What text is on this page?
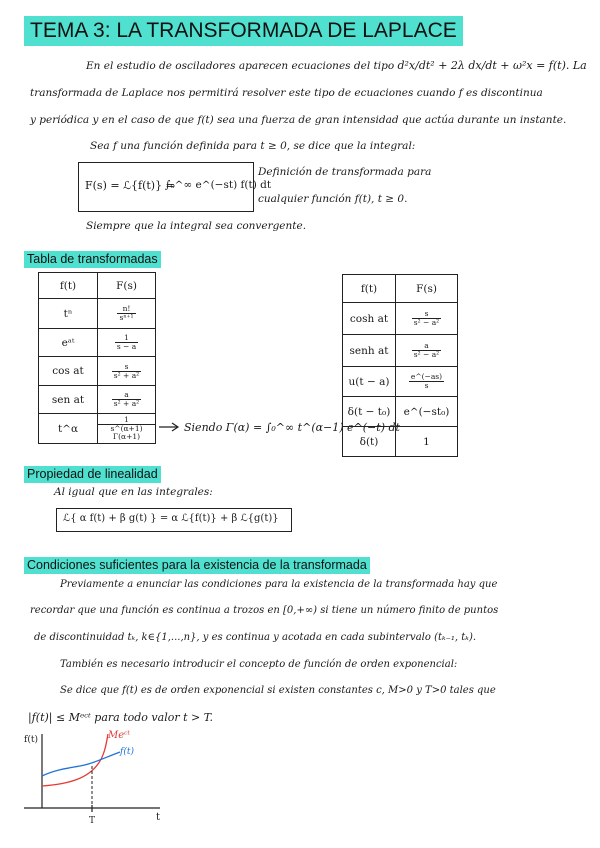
TEMA 3: LA TRANSFORMADA DE LAPLACE
En el estudio de osciladores aparecen ecuaciones del tipo d²x/dt² + 2λ dx/dt + ω²x = f(t). La
transformada de Laplace nos permitirá resolver este tipo de ecuaciones cuando f es discontinua
y periódica y en el caso de que f(t) sea una fuerza de gran intensidad que actúa durante un instante.
Sea f una función definida para t ≥ 0, se dice que la integral:
F(s) = ℒ{f(t)} =
∫₀^∞ e^(−st) f(t) dt
Definición de transformada para
cualquier función f(t), t ≥ 0.
Siempre que la integral sea convergente.
Tabla de transformadas
f(t)	F(s)
tⁿ	$\frac{n!}{\text{sⁿ⁺¹}}$

eᵃᵗ	$\frac{1}{s - a}$

cos at	$\frac{s}{\text{s² + a²}}$

sen at	$\frac{a}{\text{s² + a²}}$

t^α	$\frac{1}{s\^{}(\alpha+1) \Gamma(\alpha+1)}$	Siendo Γ(α) = ∫₀^∞ t^(α−1) e^(−t) dt
f(t)	F(s)
cosh at	$\frac{s}{\text{s² − a²}}$

senh at	$\frac{a}{\text{s² − a²}}$

u(t − a)	$\frac{e\^{}(-as)}{s}$

δ(t − t₀)	e^(−st₀)
δ(t)	1
Propiedad de linealidad
Al igual que en las integrales:
ℒ{ α f(t) + β g(t) } = α ℒ{f(t)} + β ℒ{g(t)}
Condiciones suficientes para la existencia de la transformada
Previamente a enunciar las condiciones para la existencia de la transformada hay que
recordar que una función es continua a trozos en [0,+∞) si tiene un número finito de puntos
de discontinuidad tₖ, k∈{1,...,n}, y es continua y acotada en cada subintervalo (tₖ₋₁, tₖ).
También es necesario introducir el concepto de función de orden exponencial:
Se dice que f(t) es de orden exponencial si existen constantes c, M>0 y T>0 tales que
|f(t)| ≤ Mᵉᶜᵗ para todo valor t > T.
f(t)
t
T
Meᶜᵗ
f(t)
